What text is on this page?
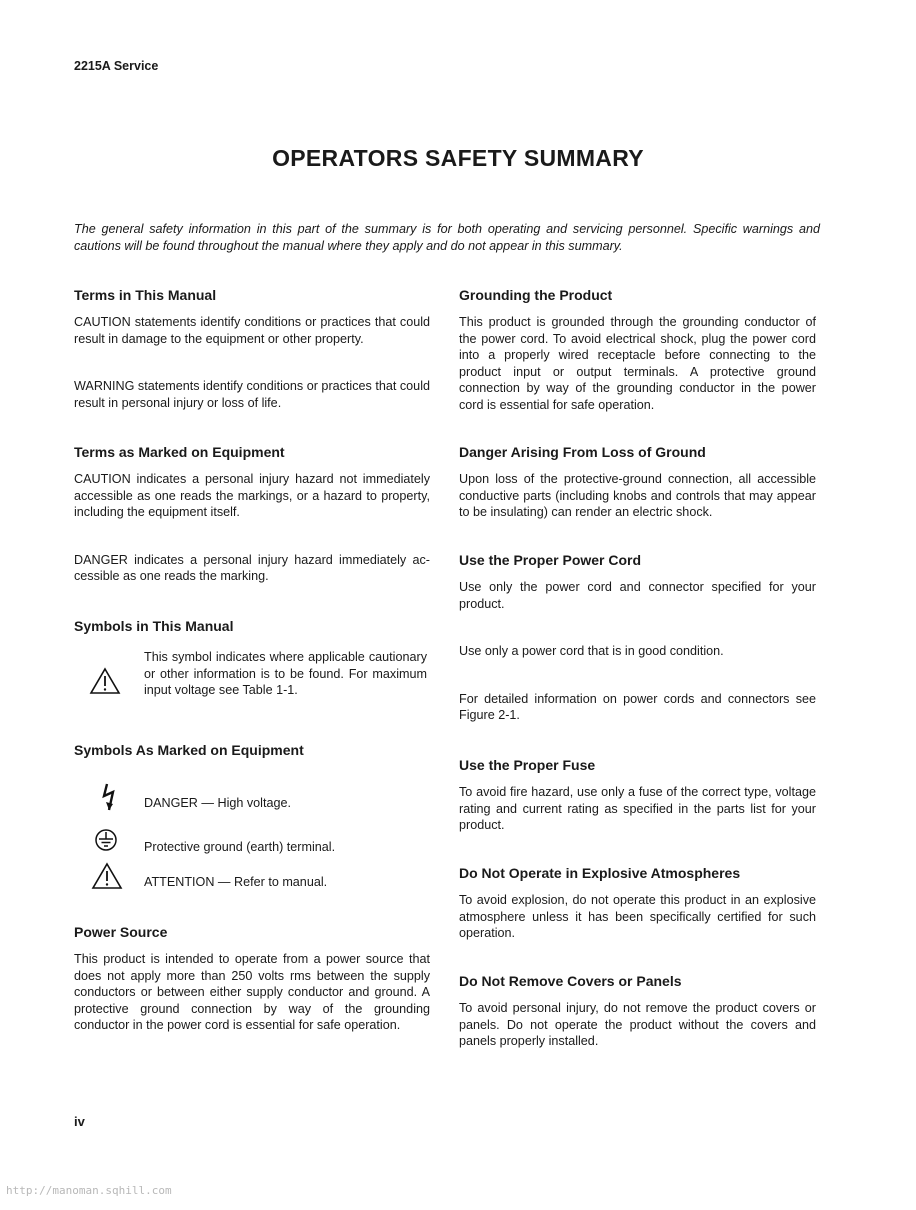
2215A Service
OPERATORS SAFETY SUMMARY
The general safety information in this part of the summary is for both operating and servicing personnel. Specific warnings and cautions will be found throughout the manual where they apply and do not appear in this summary.
Terms in This Manual

CAUTION statements identify conditions or practices that could result in damage to the equipment or other property.

WARNING statements identify conditions or practices that could result in personal injury or loss of life.

Terms as Marked on Equipment

CAUTION indicates a personal injury hazard not immediately accessible as one reads the markings, or a hazard to property, including the equipment itself.

DANGER indicates a personal injury hazard immediately accessible as one reads the marking.

Symbols in This Manual

This symbol indicates where applicable cautionary or other information is to be found. For maximum input voltage see Table 1-1.

Symbols As Marked on Equipment
DANGER — High voltage.
Protective ground (earth) terminal.
ATTENTION — Refer to manual.
Power Source

This product is intended to operate from a power source that does not apply more than 250 volts rms between the supply conductors or between either supply conductor and ground. A protective ground connection by way of the grounding conductor in the power cord is essential for safe operation.

Grounding the Product

This product is grounded through the grounding conductor of the power cord. To avoid electrical shock, plug the power cord into a properly wired receptacle before connecting to the product input or output terminals. A protective ground connection by way of the grounding conductor in the power cord is essential for safe operation.

Danger Arising From Loss of Ground

Upon loss of the protective-ground connection, all accessible conductive parts (including knobs and controls that may appear to be insulating) can render an electric shock.

Use the Proper Power Cord

Use only the power cord and connector specified for your product.

Use only a power cord that is in good condition.

For detailed information on power cords and connectors see Figure 2-1.

Use the Proper Fuse

To avoid fire hazard, use only a fuse of the correct type, voltage rating and current rating as specified in the parts list for your product.

Do Not Operate in Explosive Atmospheres

To avoid explosion, do not operate this product in an explosive atmosphere unless it has been specifically certified for such operation.

Do Not Remove Covers or Panels

To avoid personal injury, do not remove the product covers or panels. Do not operate the product without the covers and panels properly installed.

iv
http://manoman.sqhill.com
